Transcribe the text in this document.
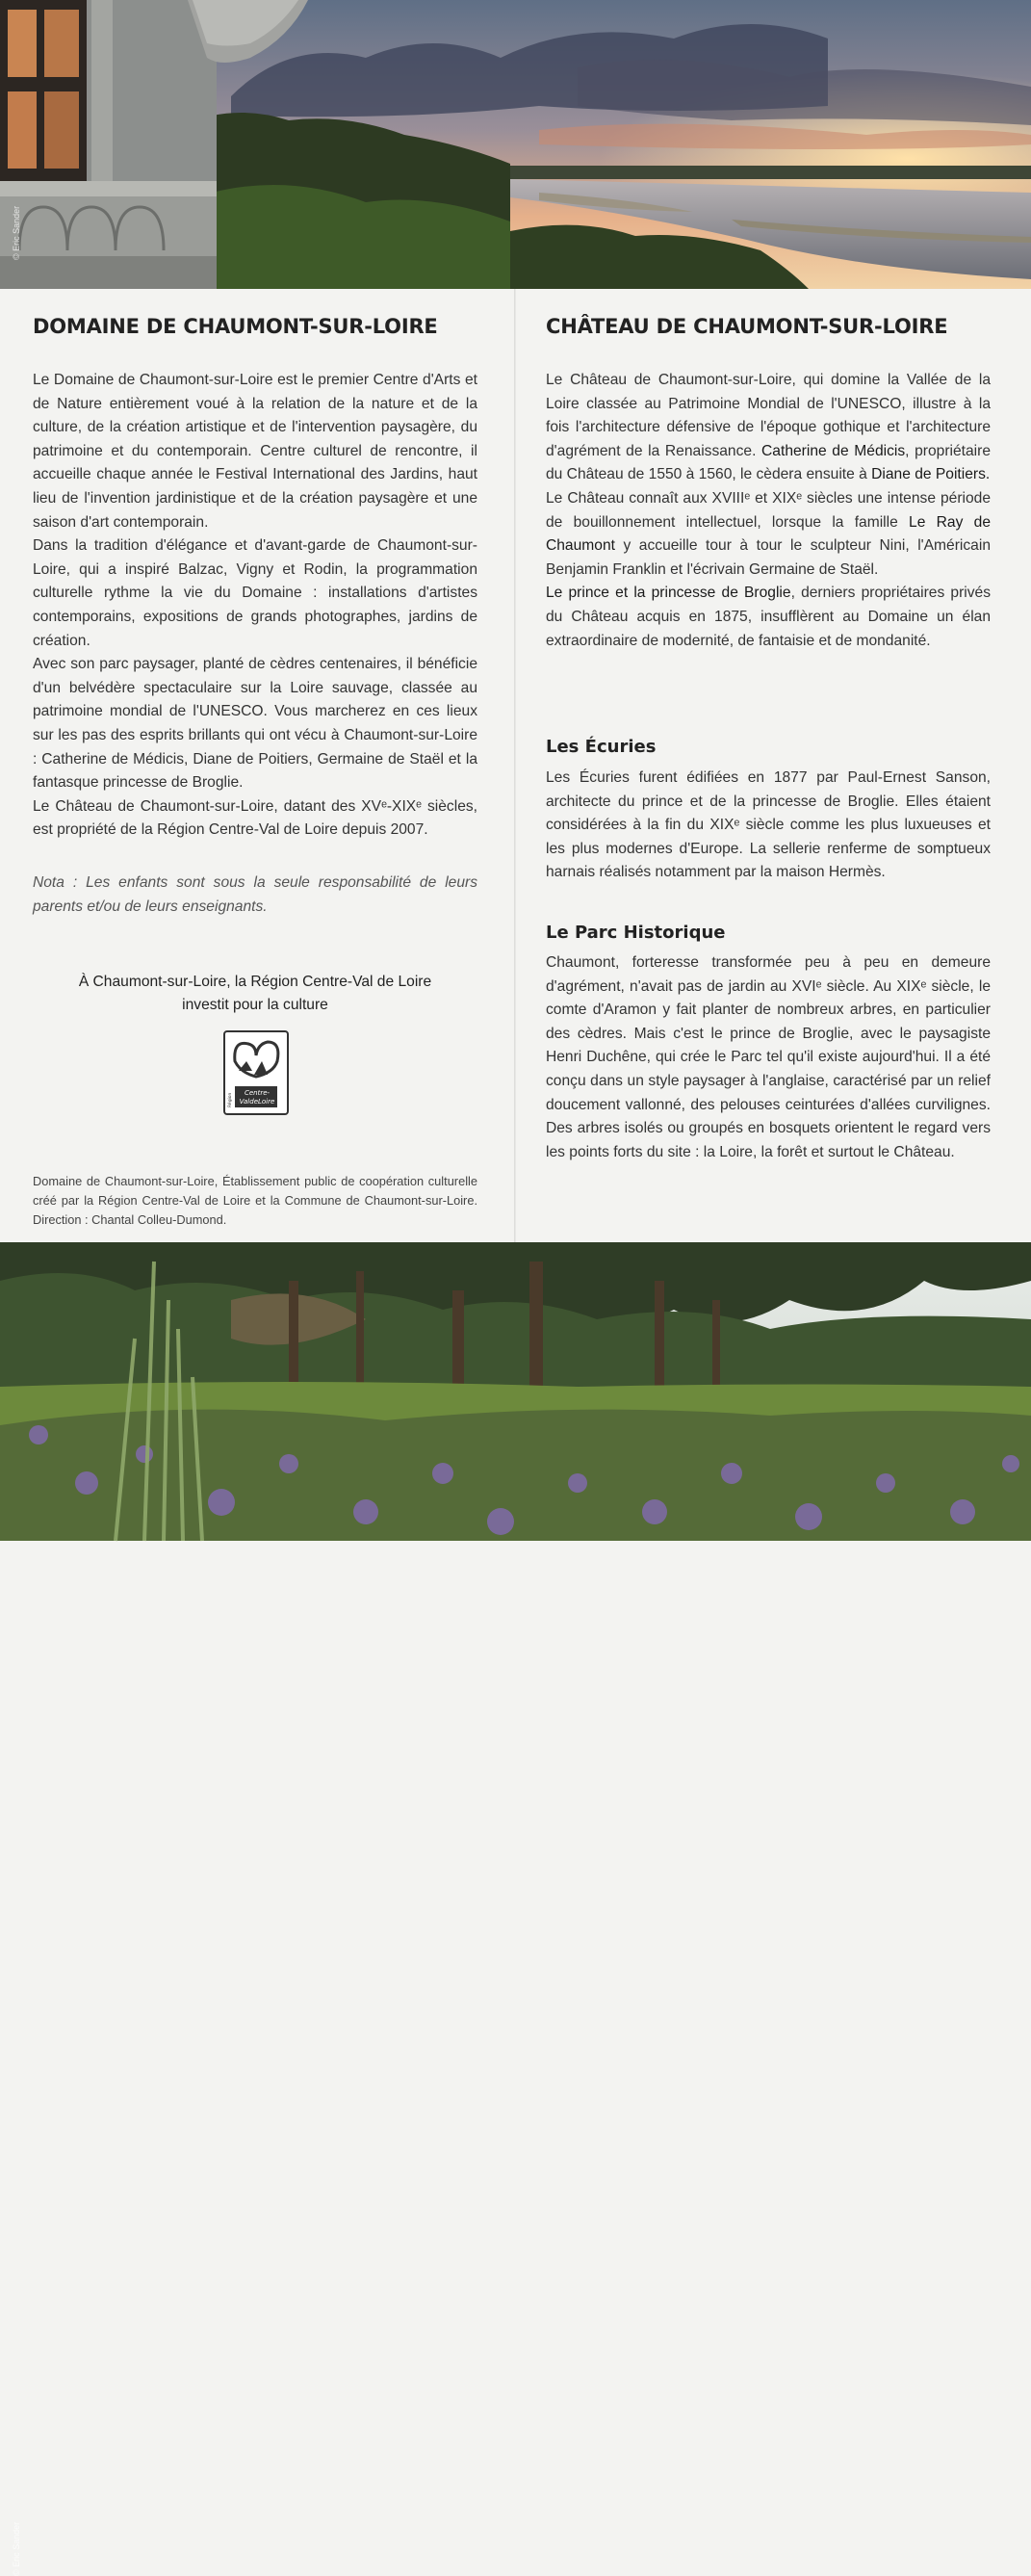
© Eric Sander
DOMAINE DE CHAUMONT-SUR-LOIRE

Le Domaine de Chaumont-sur-Loire est le premier Centre d'Arts et de Nature entièrement voué à la relation de la nature et de la culture, de la création artistique et de l'intervention paysagère, du patrimoine et du contemporain. Centre culturel de rencontre, il accueille chaque année le Festival International des Jardins, haut lieu de l'invention jardinistique et de la création paysagère et une saison d'art contemporain.

Dans la tradition d'élégance et d'avant-garde de Chaumont-sur-Loire, qui a inspiré Balzac, Vigny et Rodin, la programmation culturelle rythme la vie du Domaine : installations d'artistes contemporains, expositions de grands photographes, jardins de création.

Avec son parc paysager, planté de cèdres centenaires, il bénéficie d'un belvédère spectaculaire sur la Loire sauvage, classée au patrimoine mondial de l'UNESCO. Vous marcherez en ces lieux sur les pas des esprits brillants qui ont vécu à Chaumont-sur-Loire : Catherine de Médicis, Diane de Poitiers, Germaine de Staël et la fantasque princesse de Broglie.

Le Château de Chaumont-sur-Loire, datant des XVᵉ-XIXᵉ siècles, est propriété de la Région Centre-Val de Loire depuis 2007.

Nota : Les enfants sont sous la seule responsabilité de leurs parents et/ou de leurs enseignants.
À Chaumont-sur-Loire, la Région Centre-Val de Loire
investit pour la culture
Centre-
ValdeLoire
Région
Domaine de Chaumont-sur-Loire, Établissement public de coopération culturelle créé par la Région Centre-Val de Loire et la Commune de Chaumont-sur-Loire. Direction : Chantal Colleu-Dumond.
CHÂTEAU DE CHAUMONT-SUR-LOIRE

Le Château de Chaumont-sur-Loire, qui domine la Vallée de la Loire classée au Patrimoine Mondial de l'UNESCO, illustre à la fois l'architecture défensive de l'époque gothique et l'architecture d'agrément de la Renaissance. Catherine de Médicis, propriétaire du Château de 1550 à 1560, le cèdera ensuite à Diane de Poitiers.

Le Château connaît aux XVIIIᵉ et XIXᵉ siècles une intense période de bouillonnement intellectuel, lorsque la famille Le Ray de Chaumont y accueille tour à tour le sculpteur Nini, l'Américain Benjamin Franklin et l'écrivain Germaine de Staël.

Le prince et la princesse de Broglie, derniers propriétaires privés du Château acquis en 1875, insufflèrent au Domaine un élan extraordinaire de modernité, de fantaisie et de mondanité.

Les Écuries
Les Écuries furent édifiées en 1877 par Paul-Ernest Sanson, architecte du prince et de la princesse de Broglie. Elles étaient considérées à la fin du XIXᵉ siècle comme les plus luxueuses et les plus modernes d'Europe. La sellerie renferme de somptueux harnais réalisés notamment par la maison Hermès.
Le Parc Historique
Chaumont, forteresse transformée peu à peu en demeure d'agrément, n'avait pas de jardin au XVIᵉ siècle. Au XIXᵉ siècle, le comte d'Aramon y fait planter de nombreux arbres, en particulier des cèdres. Mais c'est le prince de Broglie, avec le paysagiste Henri Duchêne, qui crée le Parc tel qu'il existe aujourd'hui. Il a été conçu dans un style paysager à l'anglaise, caractérisé par un relief doucement vallonné, des pelouses ceinturées d'allées curvilignes. Des arbres isolés ou groupés en bosquets orientent le regard vers les points forts du site : la Loire, la forêt et surtout le Château.
© Eric Sander
